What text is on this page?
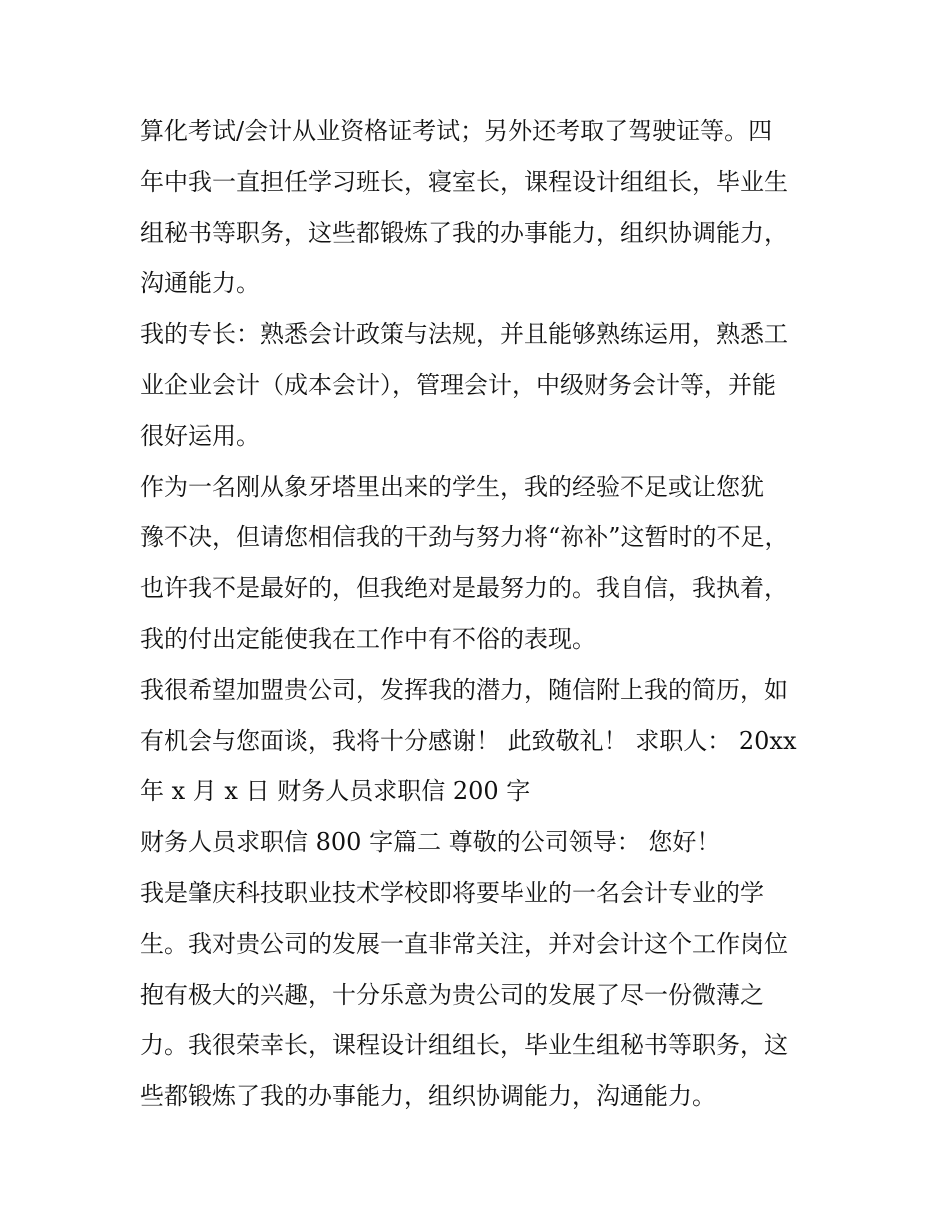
算化考试/会计从业资格证考试；另外还考取了驾驶证等。四

年中我一直担任学习班长，寝室长，课程设计组组长，毕业生

组秘书等职务，这些都锻炼了我的办事能力，组织协调能力，

沟通能力。

我的专长：熟悉会计政策与法规，并且能够熟练运用，熟悉工

业企业会计（成本会计），管理会计，中级财务会计等，并能

很好运用。

作为一名刚从象牙塔里出来的学生，我的经验不足或让您犹

豫不决，但请您相信我的干劲与努力将“祢补”这暂时的不足，

也许我不是最好的，但我绝对是最努力的。我自信，我执着，

我的付出定能使我在工作中有不俗的表现。

我很希望加盟贵公司，发挥我的潜力，随信附上我的简历，如

有机会与您面谈，我将十分感谢！ 此致敬礼！ 求职人： 20xx

年 x 月 x 日 财务人员求职信 200 字

财务人员求职信 800 字篇二 尊敬的公司领导： 您好！

我是肇庆科技职业技术学校即将要毕业的一名会计专业的学

生。我对贵公司的发展一直非常关注，并对会计这个工作岗位

抱有极大的兴趣，十分乐意为贵公司的发展了尽一份微薄之

力。我很荣幸长，课程设计组组长，毕业生组秘书等职务，这

些都锻炼了我的办事能力，组织协调能力，沟通能力。
